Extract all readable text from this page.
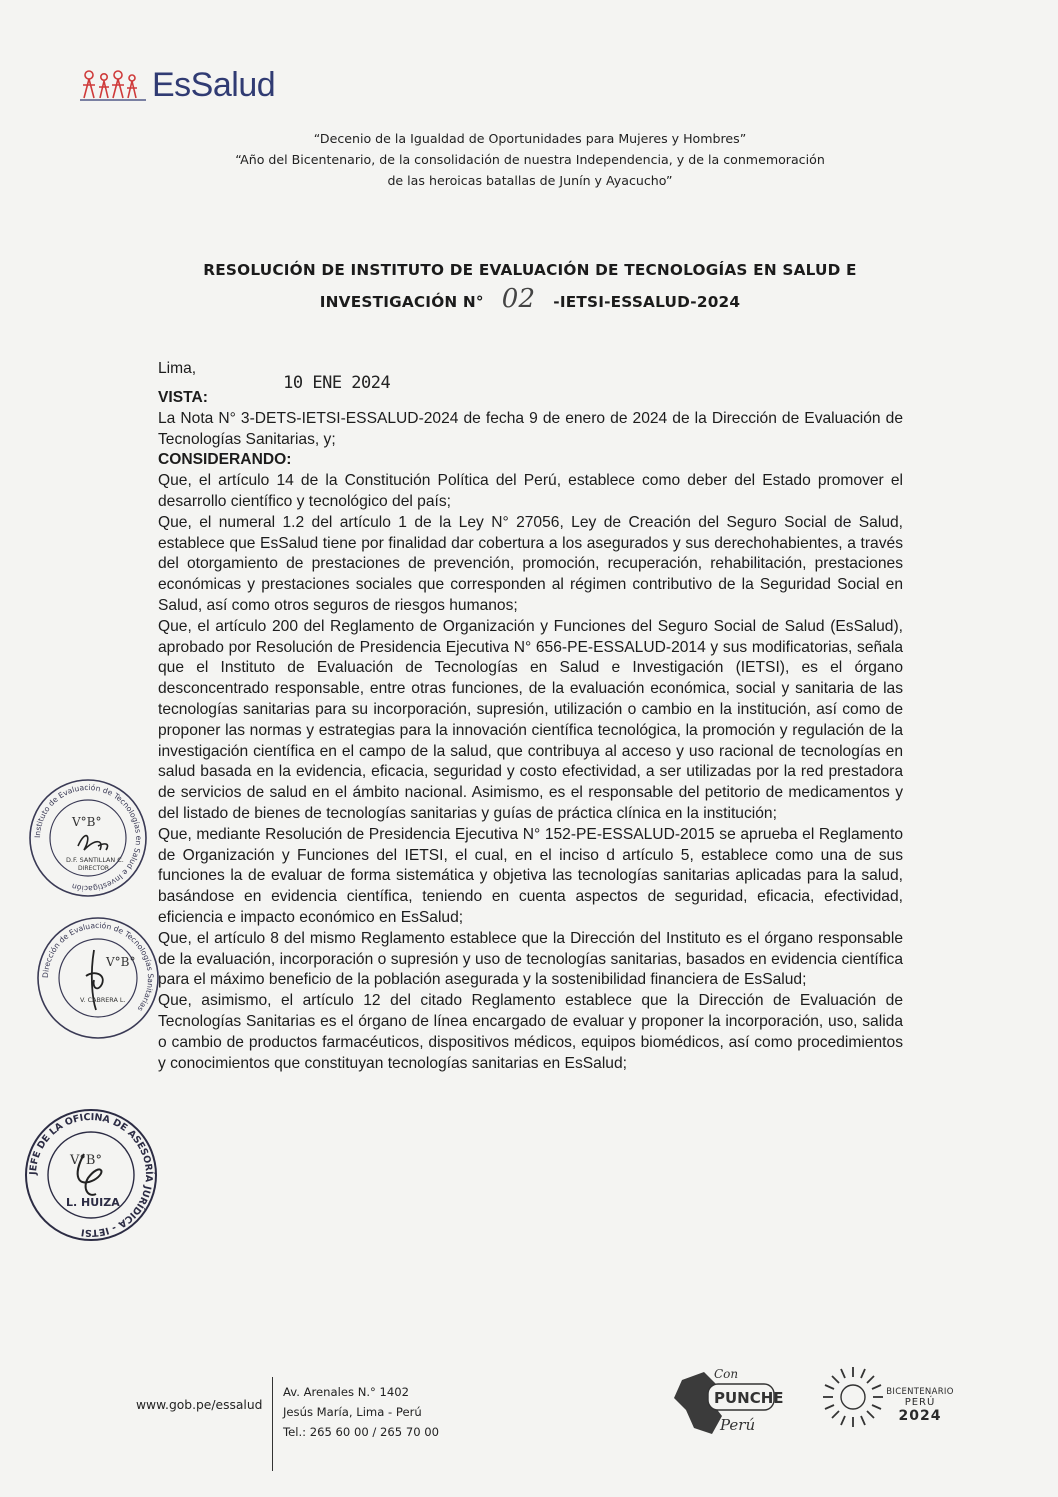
EsSalud
“Decenio de la Igualdad de Oportunidades para Mujeres y Hombres”
“Año del Bicentenario, de la consolidación de nuestra Independencia, y de la conmemoración
de las heroicas batallas de Junín y Ayacucho”
RESOLUCIÓN DE INSTITUTO DE EVALUACIÓN DE TECNOLOGÍAS EN SALUD E
INVESTIGACIÓN N° 02 -IETSI-ESSALUD-2024
Lima,
10 ENE 2024

VISTA:

La Nota N° 3-DETS-IETSI-ESSALUD-2024 de fecha 9 de enero de 2024 de la Dirección de Evaluación de Tecnologías Sanitarias, y;

CONSIDERANDO:

Que, el artículo 14 de la Constitución Política del Perú, establece como deber del Estado promover el desarrollo científico y tecnológico del país;

Que, el numeral 1.2 del artículo 1 de la Ley N° 27056, Ley de Creación del Seguro Social de Salud, establece que EsSalud tiene por finalidad dar cobertura a los asegurados y sus derechohabientes, a través del otorgamiento de prestaciones de prevención, promoción, recuperación, rehabilitación, prestaciones económicas y prestaciones sociales que corresponden al régimen contributivo de la Seguridad Social en Salud, así como otros seguros de riesgos humanos;

Que, el artículo 200 del Reglamento de Organización y Funciones del Seguro Social de Salud (EsSalud), aprobado por Resolución de Presidencia Ejecutiva N° 656-PE-ESSALUD-2014 y sus modificatorias, señala que el Instituto de Evaluación de Tecnologías en Salud e Investigación (IETSI), es el órgano desconcentrado responsable, entre otras funciones, de la evaluación económica, social y sanitaria de las tecnologías sanitarias para su incorporación, supresión, utilización o cambio en la institución, así como de proponer las normas y estrategias para la innovación científica tecnológica, la promoción y regulación de la investigación científica en el campo de la salud, que contribuya al acceso y uso racional de tecnologías en salud basada en la evidencia, eficacia, seguridad y costo efectividad, a ser utilizadas por la red prestadora de servicios de salud en el ámbito nacional. Asimismo, es el responsable del petitorio de medicamentos y del listado de bienes de tecnologías sanitarias y guías de práctica clínica en la institución;

Que, mediante Resolución de Presidencia Ejecutiva N° 152-PE-ESSALUD-2015 se aprueba el Reglamento de Organización y Funciones del IETSI, el cual, en el inciso d artículo 5, establece como una de sus funciones la de evaluar de forma sistemática y objetiva las tecnologías sanitarias aplicadas para la salud, basándose en evidencia científica, teniendo en cuenta aspectos de seguridad, eficacia, efectividad, eficiencia e impacto económico en EsSalud;

Que, el artículo 8 del mismo Reglamento establece que la Dirección del Instituto es el órgano responsable de la evaluación, incorporación o supresión y uso de tecnologías sanitarias, basados en evidencia científica para el máximo beneficio de la población asegurada y la sostenibilidad financiera de EsSalud;

Que, asimismo, el artículo 12 del citado Reglamento establece que la Dirección de Evaluación de Tecnologías Sanitarias es el órgano de línea encargado de evaluar y proponer la incorporación, uso, salida o cambio de productos farmacéuticos, dispositivos médicos, equipos biomédicos, así como procedimientos y conocimientos que constituyan tecnologías sanitarias en EsSalud;

Instituto de Evaluación de Tecnologías en Salud e Investigación
V°B°
D.F. SANTILLAN C.
DIRECTOR
Dirección de Evaluación de Tecnologías Sanitarias
V°B°
V. CABRERA L.
JEFE DE LA OFICINA DE ASESORÍA JURÍDICA - IETSI
V°B°
L. HUIZA
www.gob.pe/essalud
Av. Arenales N.° 1402
Jesús María, Lima - Perú
Tel.: 265 60 00 / 265 70 00
Con
PUNCHE
Perú
BICENTENARIO
PERÚ
2024
